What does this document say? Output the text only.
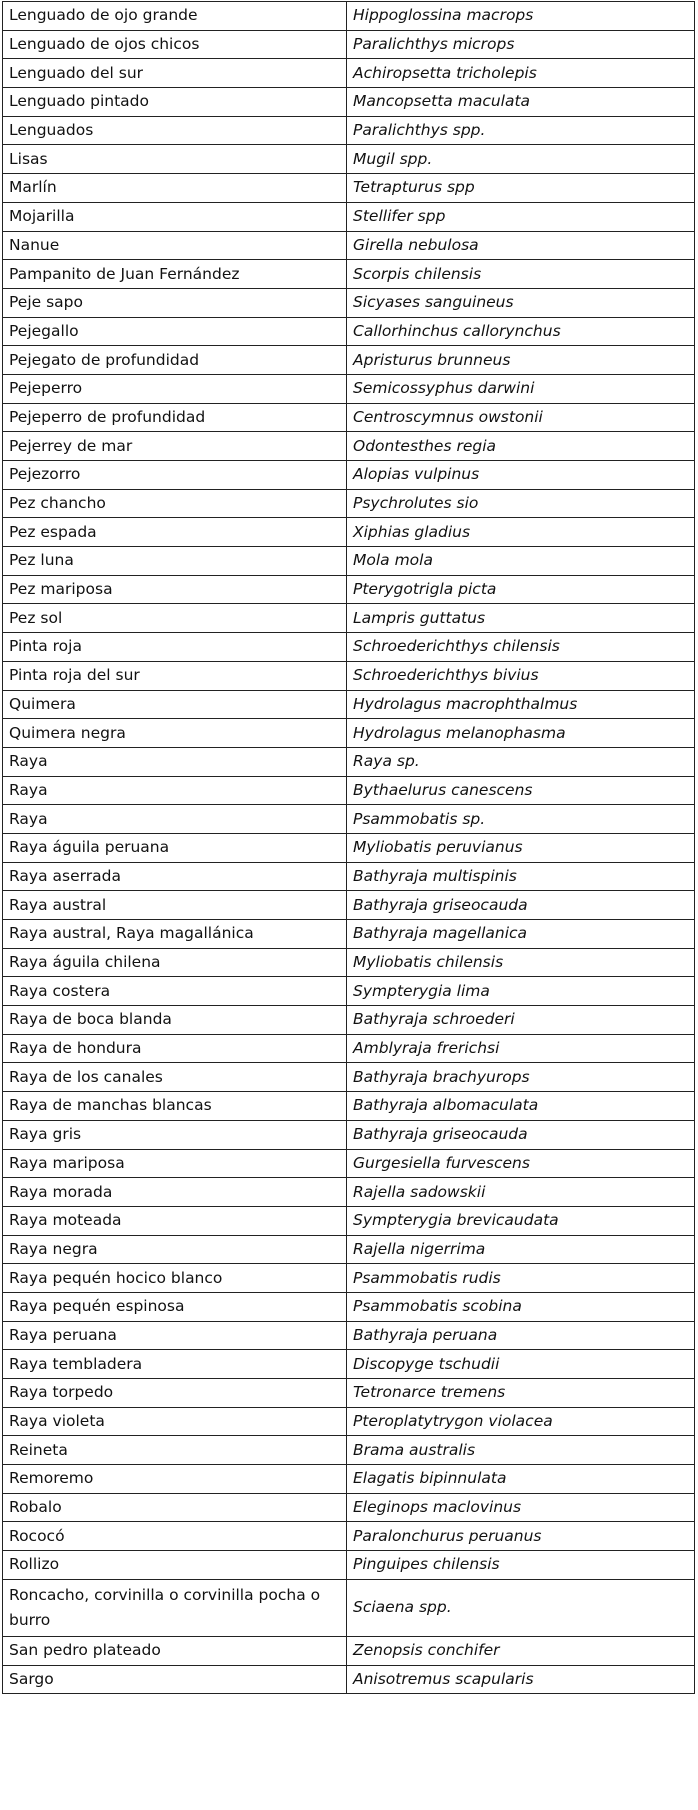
Lenguado de ojo grande	Hippoglossina macrops
Lenguado de ojos chicos	Paralichthys microps
Lenguado del sur	Achiropsetta tricholepis
Lenguado pintado	Mancopsetta maculata
Lenguados	Paralichthys spp.
Lisas	Mugil spp.
Marlín	Tetrapturus spp
Mojarilla	Stellifer spp
Nanue	Girella nebulosa
Pampanito de Juan Fernández	Scorpis chilensis
Peje sapo	Sicyases sanguineus
Pejegallo	Callorhinchus callorynchus
Pejegato de profundidad	Apristurus brunneus
Pejeperro	Semicossyphus darwini
Pejeperro de profundidad	Centroscymnus owstonii
Pejerrey de mar	Odontesthes regia
Pejezorro	Alopias vulpinus
Pez chancho	Psychrolutes sio
Pez espada	Xiphias gladius
Pez luna	Mola mola
Pez mariposa	Pterygotrigla picta
Pez sol	Lampris guttatus
Pinta roja	Schroederichthys chilensis
Pinta roja del sur	Schroederichthys bivius
Quimera	Hydrolagus macrophthalmus
Quimera negra	Hydrolagus melanophasma
Raya	Raya sp.
Raya	Bythaelurus canescens
Raya	Psammobatis sp.
Raya águila peruana	Myliobatis peruvianus
Raya aserrada	Bathyraja multispinis
Raya austral	Bathyraja griseocauda
Raya austral, Raya magallánica	Bathyraja magellanica
Raya águila chilena	Myliobatis chilensis
Raya costera	Sympterygia lima
Raya de boca blanda	Bathyraja schroederi
Raya de hondura	Amblyraja frerichsi
Raya de los canales	Bathyraja brachyurops
Raya de manchas blancas	Bathyraja albomaculata
Raya gris	Bathyraja griseocauda
Raya mariposa	Gurgesiella furvescens
Raya morada	Rajella sadowskii
Raya moteada	Sympterygia brevicaudata
Raya negra	Rajella nigerrima
Raya pequén hocico blanco	Psammobatis rudis
Raya pequén espinosa	Psammobatis scobina
Raya peruana	Bathyraja peruana
Raya tembladera	Discopyge tschudii
Raya torpedo	Tetronarce tremens
Raya violeta	Pteroplatytrygon violacea
Reineta	Brama australis
Remoremo	Elagatis bipinnulata
Robalo	Eleginops maclovinus
Rococó	Paralonchurus peruanus
Rollizo	Pinguipes chilensis
Roncacho, corvinilla o corvinilla pocha o burro	Sciaena spp.
San pedro plateado	Zenopsis conchifer
Sargo	Anisotremus scapularis
